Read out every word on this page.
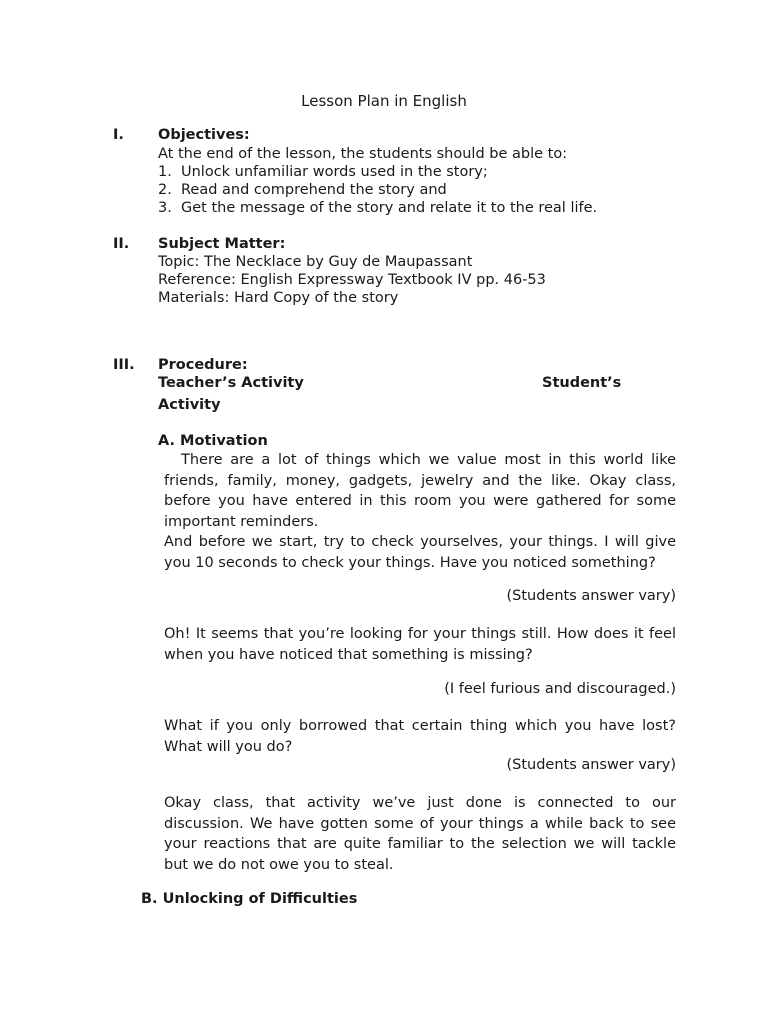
Lesson Plan in English
I. Objectives:
At the end of the lesson, the students should be able to:
1. Unlock unfamiliar words used in the story;
2. Read and comprehend the story and
3. Get the message of the story and relate it to the real life.
II. Subject Matter:
Topic: The Necklace by Guy de Maupassant
Reference: English Expressway Textbook IV pp. 46-53
Materials: Hard Copy of the story
III. Procedure:
Teacher’s Activity	Student’s
Activity
A. Motivation
There are a lot of things which we value most in this world like friends, family, money, gadgets, jewelry and the like. Okay class, before you have entered in this room you were gathered for some important reminders.
And before we start, try to check yourselves, your things. I will give you 10 seconds to check your things. Have you noticed something?
(Students answer vary)
Oh! It seems that you’re looking for your things still. How does it feel when you have noticed that something is missing?
(I feel furious and discouraged.)
What if you only borrowed that certain thing which you have lost? What will you do?
(Students answer vary)
Okay class, that activity we’ve just done is connected to our discussion. We have gotten some of your things a while back to see your reactions that are quite familiar to the selection we will tackle but we do not owe you to steal.
B. Unlocking of Difficulties
